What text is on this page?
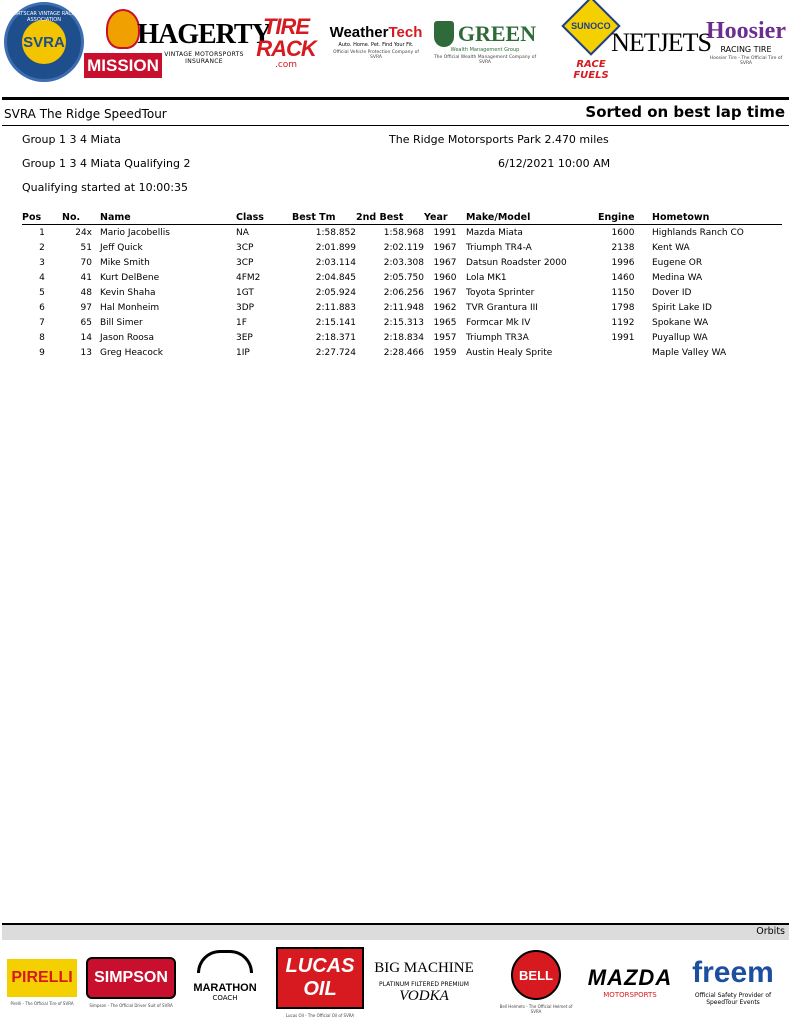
SPORTSCAR VINTAGE RACING ASSOCIATION
SVRA
MISSION
HAGERTY
VINTAGE MOTORSPORTS INSURANCE
TIRE RACK
.com
WeatherTech
Auto. Home. Pet. Find Your Fit.
Official Vehicle Protection Company of SVRA
GREEN
Wealth Management Group
The Official Wealth Management Company of SVRA
SUNOCO
RACE FUELS
NETJETS
Hoosier
RACING TIRE
Hoosier Tire - The Official Tire of SVRA
SVRA The Ridge SpeedTour	Sorted on best lap time
Group 1 3 4 Miata	The Ridge Motorsports Park 2.470 miles
Group 1 3 4 Miata Qualifying 2	6/12/2021 10:00 AM
Qualifying started at 10:00:35
Pos	No.	Name	Class	Best Tm	2nd Best	Year	Make/Model	Engine	Hometown
1	24x	Mario Jacobellis	NA	1:58.852	1:58.968	1991	Mazda Miata	1600	Highlands Ranch CO
2	51	Jeff Quick	3CP	2:01.899	2:02.119	1967	Triumph TR4-A	2138	Kent WA
3	70	Mike Smith	3CP	2:03.114	2:03.308	1967	Datsun Roadster 2000	1996	Eugene OR
4	41	Kurt DelBene	4FM2	2:04.845	2:05.750	1960	Lola MK1	1460	Medina WA
5	48	Kevin Shaha	1GT	2:05.924	2:06.256	1967	Toyota Sprinter	1150	Dover ID
6	97	Hal Monheim	3DP	2:11.883	2:11.948	1962	TVR Grantura III	1798	Spirit Lake ID
7	65	Bill Simer	1F	2:15.141	2:15.313	1965	Formcar Mk IV	1192	Spokane WA
8	14	Jason Roosa	3EP	2:18.371	2:18.834	1957	Triumph TR3A	1991	Puyallup WA
9	13	Greg Heacock	1IP	2:27.724	2:28.466	1959	Austin Healy Sprite		Maple Valley WA
Orbits
PIRELLI
Pirelli - The Official Tire of SVRA
SIMPSON
Simpson - The Official Driver Suit of SVRA
MARATHON
COACH
LUCAS OIL
Lucas Oil - The Official Oil of SVRA
BIG MACHINE
PLATINUM FILTERED PREMIUM
VODKA
BELL
Bell Helmets - The Official Helmet of SVRA
MAZDA
MOTORSPORTS
freem
Official Safety Provider of SpeedTour Events
